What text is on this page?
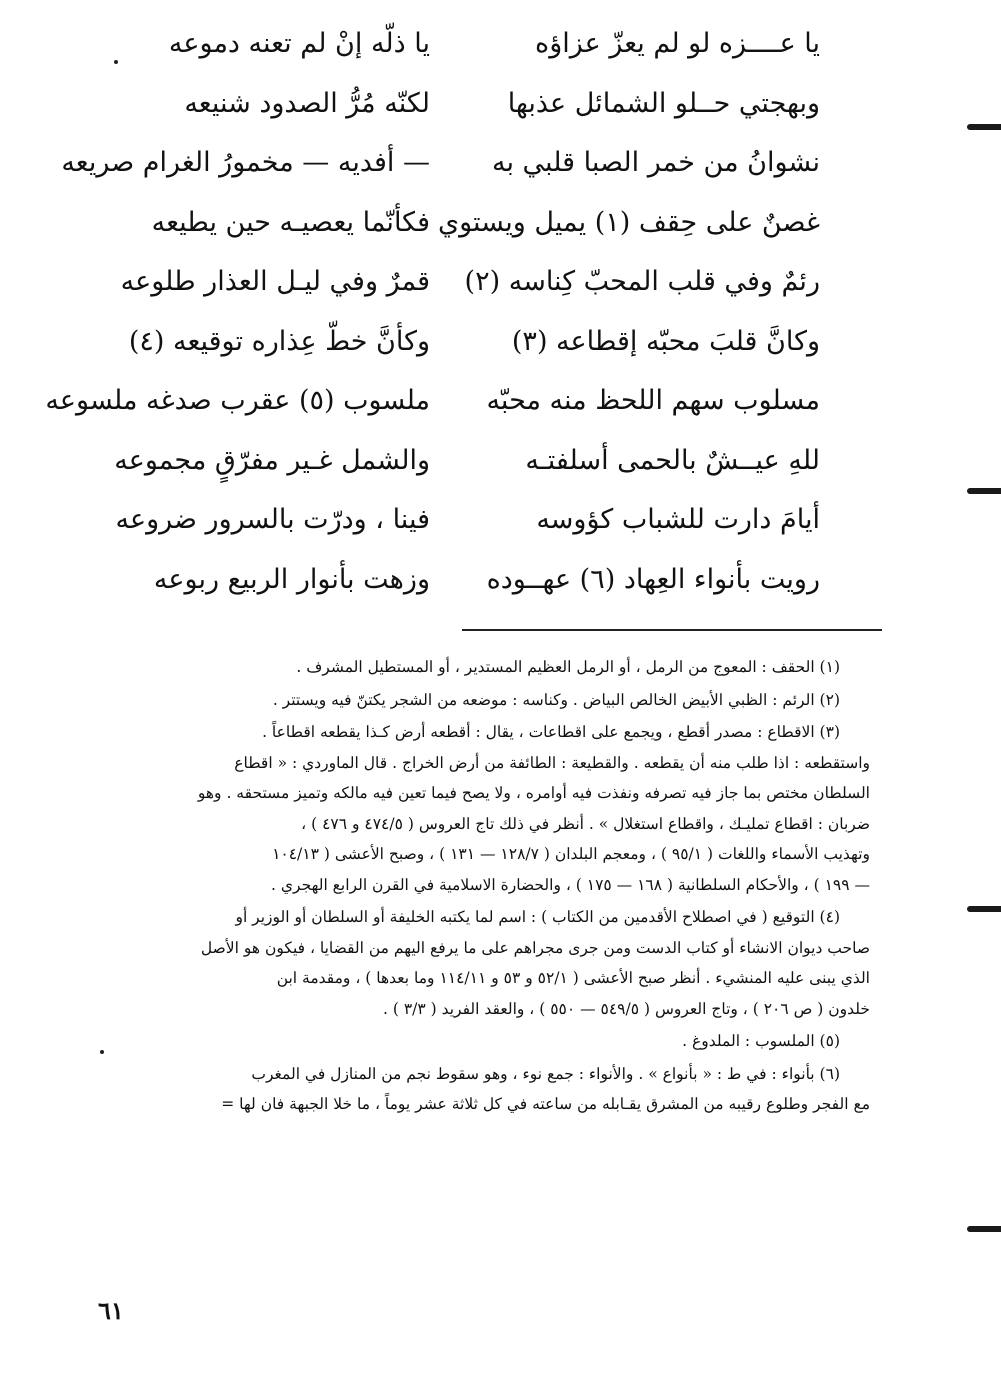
يا عــــزه لو لم يعزّ عزاؤه
يا ذلّه إنْ لم تعنه دموعه
وبهجتي حــلو الشمائل عذبها
لكنّه مُرُّ الصدود شنيعه
نشوانُ من خمر الصبا قلبي به
— أفديه — مخمورُ الغرام صريعه
غصنٌ على حِقف (١) يميل ويستوي
فكأنّما يعصيـه حين يطيعه
رئمٌ وفي قلب المحبّ كِناسه (٢)
قمرٌ وفي ليـل العذار طلوعه
وكانَّ قلبَ محبّه إقطاعه (٣)
وكأنَّ خطّ عِذاره توقيعه (٤)
مسلوب سهم اللحظ منه محبّه
ملسوب (٥) عقرب صدغه ملسوعه
للهِ عيــشٌ بالحمى أسلفتـه
والشمل غـير مفرّقٍ مجموعه
أيامَ دارت للشباب كؤوسه
فينا ، ودرّت بالسرور ضروعه
رويت بأنواء العِهاد (٦) عهــوده
وزهت بأنوار الربيع ربوعه
(١) الحقف : المعوج من الرمل ، أو الرمل العظيم المستدير ، أو المستطيل المشرف .
(٢) الرئم : الظبي الأبيض الخالص البياض . وكناسه : موضعه من الشجر يكتنّ فيه ويستتر .
(٣) الاقطاع : مصدر أقطع ، ويجمع على اقطاعات ، يقال : أقطعه أرض كـذا يقطعه اقطاعاً .
واستقطعه : اذا طلب منه أن يقطعه . والقطيعة : الطائفة من أرض الخراج . قال الماوردي : « اقطاع
السلطان مختص بما جاز فيه تصرفه ونفذت فيه أوامره ، ولا يصح فيما تعين فيه مالكه وتميز مستحقه . وهو
ضربان : اقطاع تمليـك ، واقطاع استغلال » . أنظر في ذلك تاج العروس ( ٤٧٤/٥ و ٤٧٦ ) ،
وتهذيب الأسماء واللغات ( ٩٥/١ ) ، ومعجم البلدان ( ١٢٨/٧ — ١٣١ ) ، وصبح الأعشى ( ١٠٤/١٣
— ١٩٩ ) ، والأحكام السلطانية ( ١٦٨ — ١٧٥ ) ، والحضارة الاسلامية في القرن الرابع الهجري .
(٤) التوقيع ( في اصطلاح الأقدمين من الكتاب ) : اسم لما يكتبه الخليفة أو السلطان أو الوزير أو
صاحب ديوان الانشاء أو كتاب الدست ومن جرى مجراهم على ما يرفع اليهم من القضايا ، فيكون هو الأصل
الذي يبنى عليه المنشيء . أنظر صبح الأعشى ( ٥٢/١ و ٥٣ و ١١٤/١١ وما بعدها ) ، ومقدمة ابن
خلدون ( ص ٢٠٦ ) ، وتاج العروس ( ٥٤٩/٥ — ٥٥٠ ) ، والعقد الفريد ( ٣/٣ ) .
(٥) الملسوب : الملدوغ .
(٦) بأنواء : في ط : « بأنواع » . والأنواء : جمع نوء ، وهو سقوط نجم من المنازل في المغرب
مع الفجر وطلوع رقيبه من المشرق يقـابله من ساعته في كل ثلاثة عشر يوماً ، ما خلا الجبهة فان لها =
٦١
